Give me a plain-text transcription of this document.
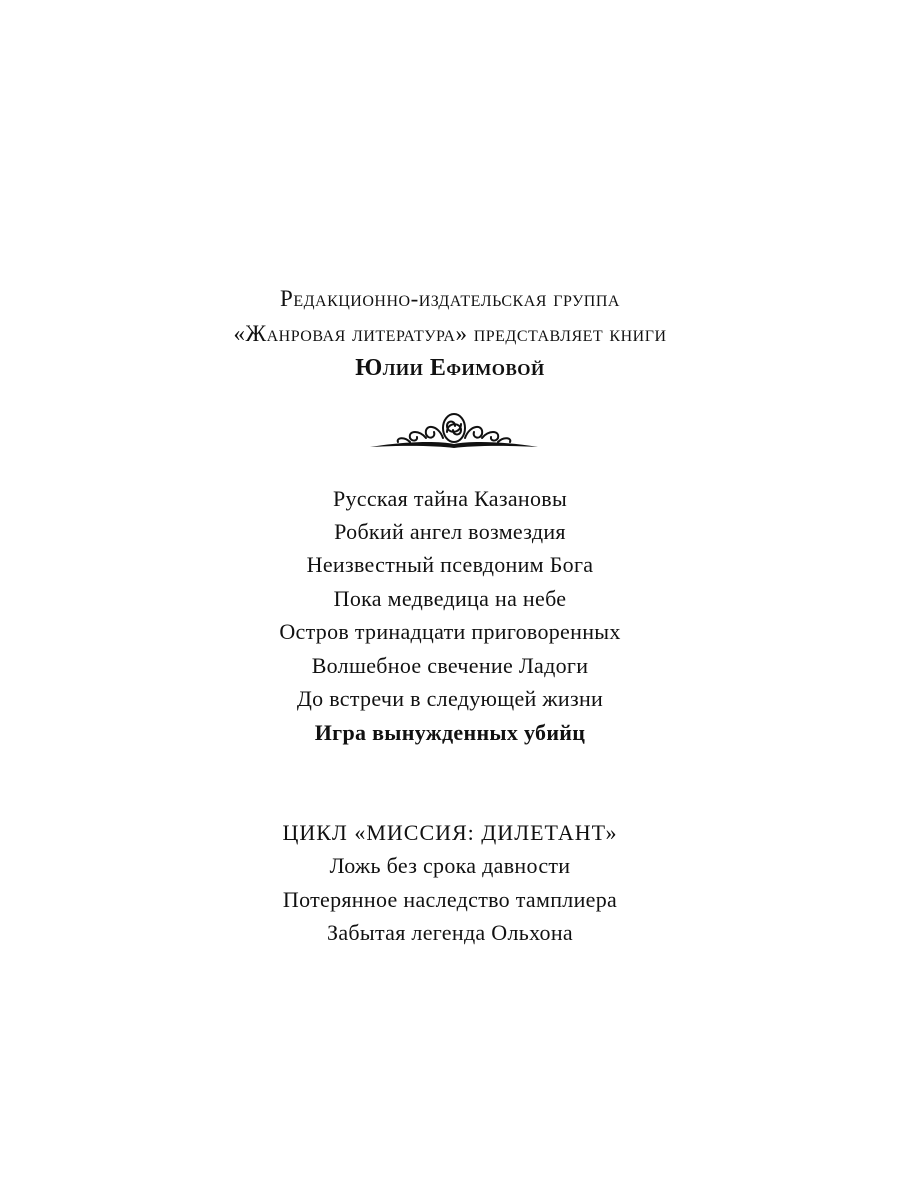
Редакционно-издательская группа
«Жанровая литература» представляет книги
Юлии Ефимовой
Русская тайна Казановы
Робкий ангел возмездия
Неизвестный псевдоним Бога
Пока медведица на небе
Остров тринадцати приговоренных
Волшебное свечение Ладоги
До встречи в следующей жизни
Игра вынужденных убийц
ЦИКЛ «МИССИЯ: ДИЛЕТАНТ»
Ложь без срока давности
Потерянное наследство тамплиера
Забытая легенда Ольхона
